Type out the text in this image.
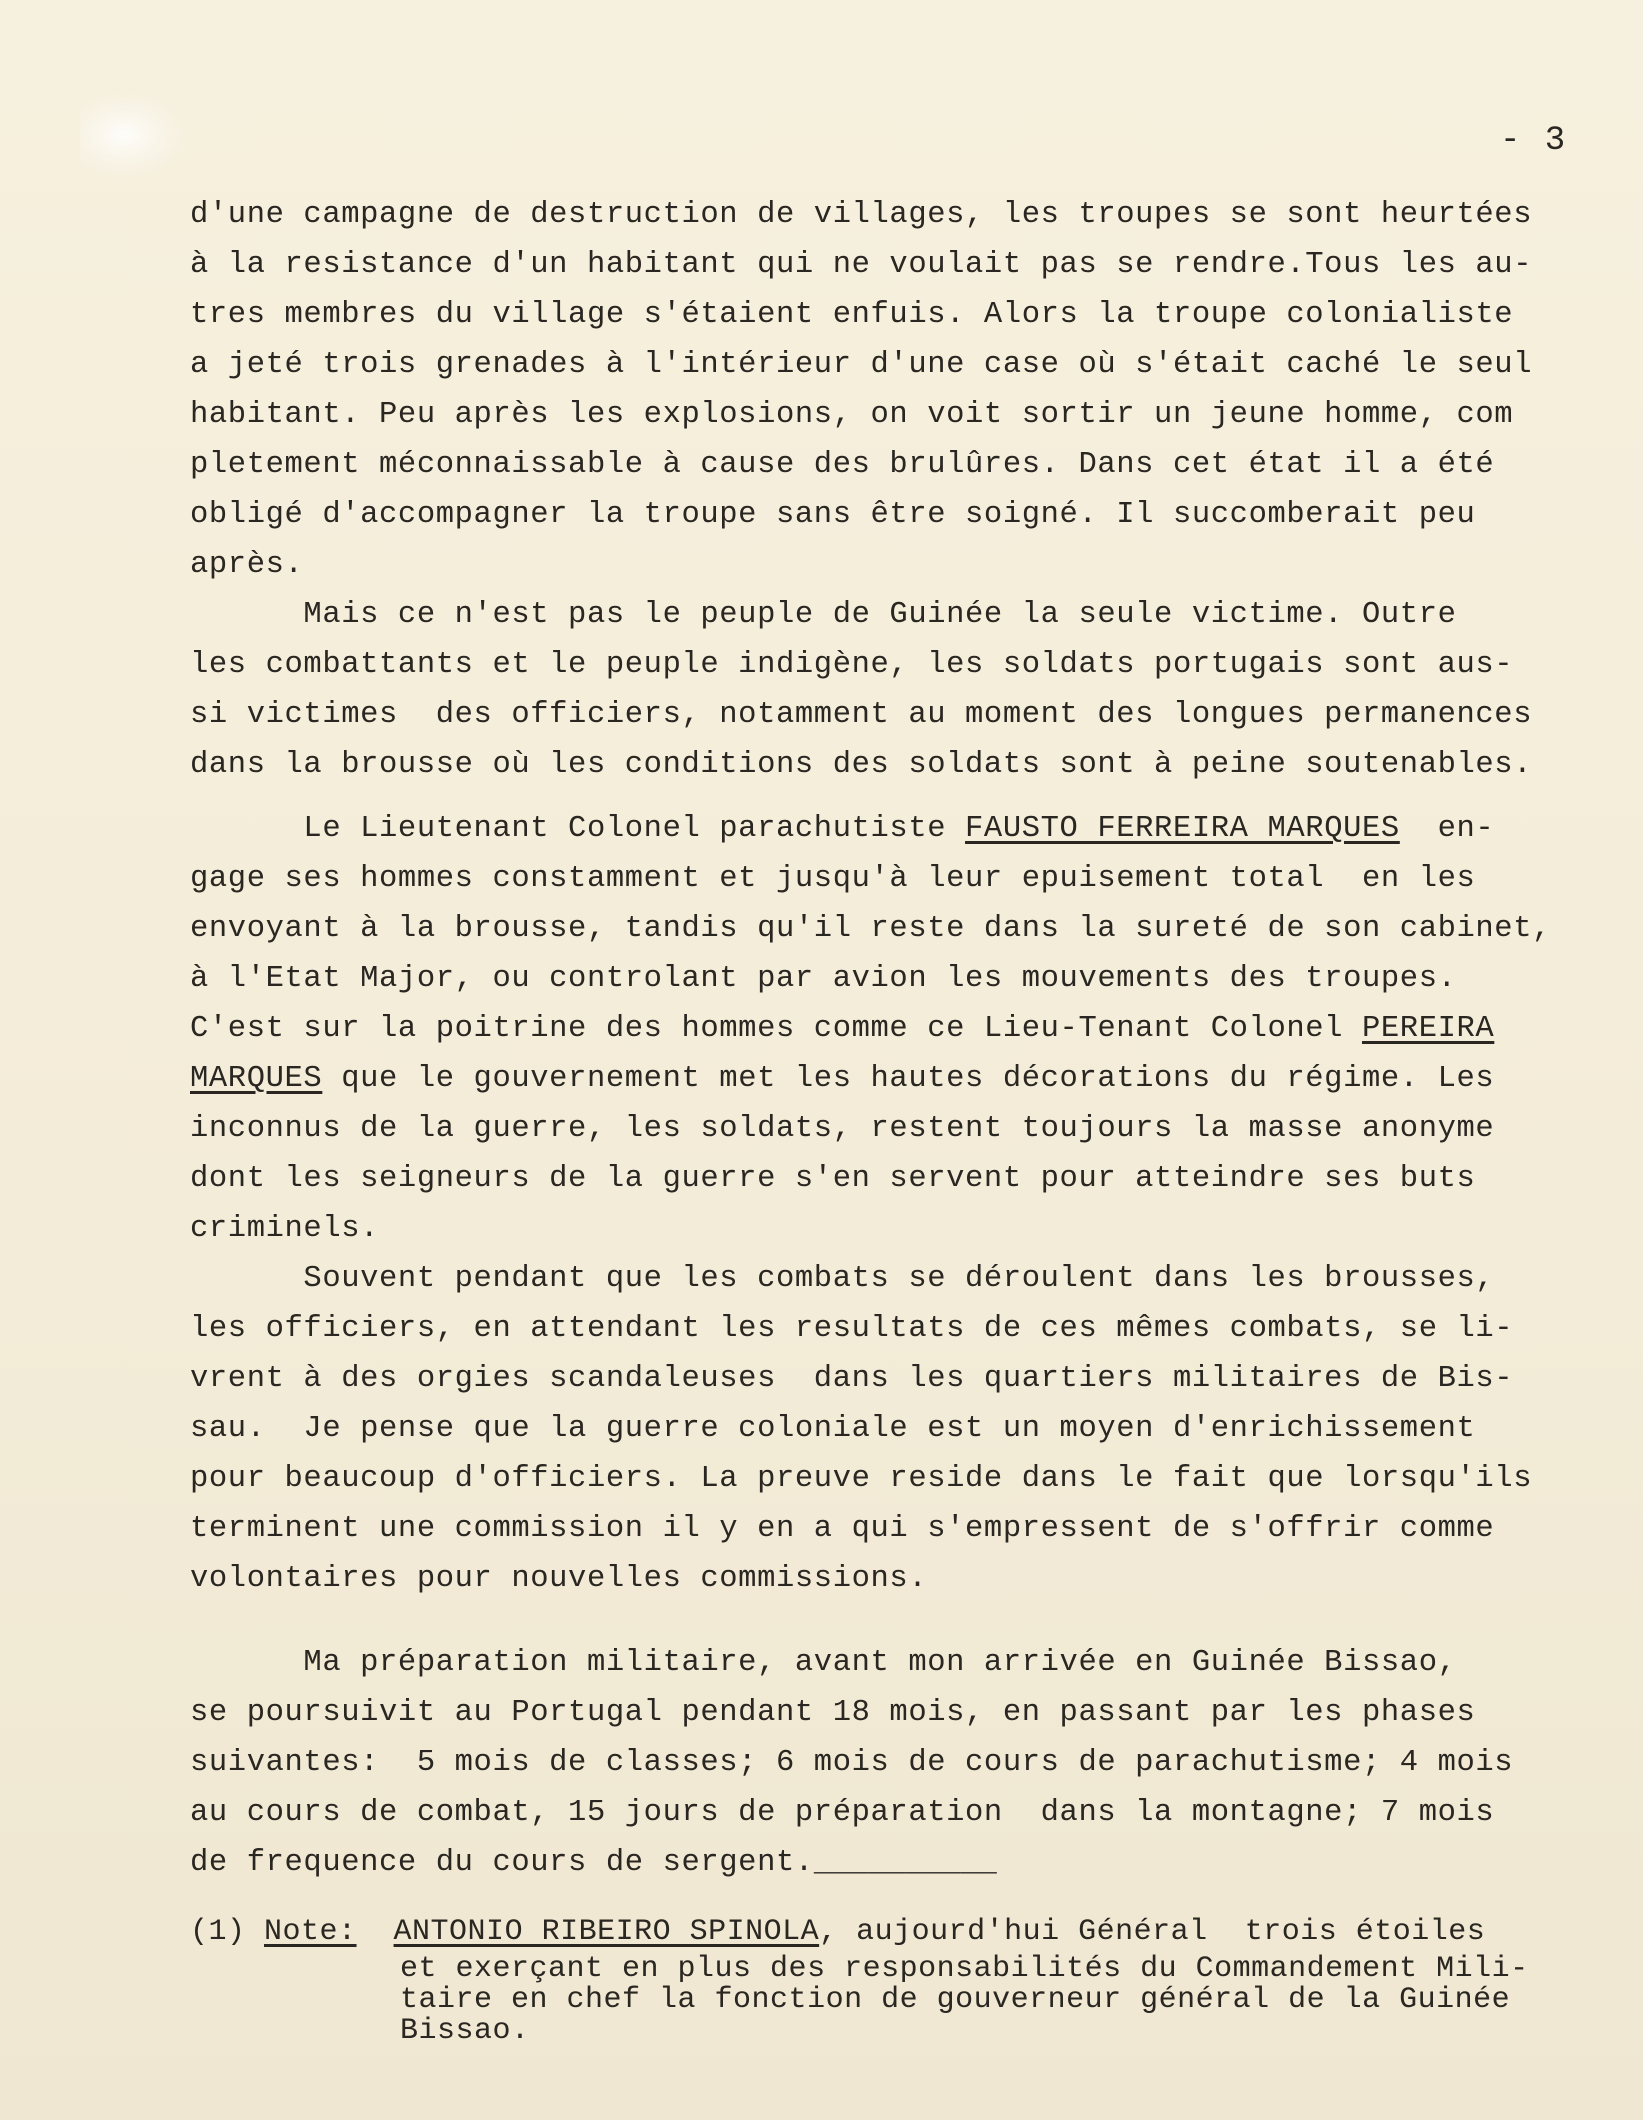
- 3
d'une campagne de destruction de villages, les troupes se sont heurtées
à la resistance d'un habitant qui ne voulait pas se rendre.Tous les au-
tres membres du village s'étaient enfuis. Alors la troupe colonialiste
a jeté trois grenades à l'intérieur d'une case où s'était caché le seul
habitant. Peu après les explosions, on voit sortir un jeune homme, com
pletement méconnaissable à cause des brulûres. Dans cet état il a été
obligé d'accompagner la troupe sans être soigné. Il succomberait peu
après.
Mais ce n'est pas le peuple de Guinée la seule victime. Outre
les combattants et le peuple indigène, les soldats portugais sont aus-
si victimes  des officiers, notamment au moment des longues permanences
dans la brousse où les conditions des soldats sont à peine soutenables.
Le Lieutenant Colonel parachutiste FAUSTO FERREIRA MARQUES  en-
gage ses hommes constamment et jusqu'à leur epuisement total  en les
envoyant à la brousse, tandis qu'il reste dans la sureté de son cabinet,
à l'Etat Major, ou controlant par avion les mouvements des troupes.
C'est sur la poitrine des hommes comme ce Lieu-Tenant Colonel PEREIRA
MARQUES que le gouvernement met les hautes décorations du régime. Les
inconnus de la guerre, les soldats, restent toujours la masse anonyme
dont les seigneurs de la guerre s'en servent pour atteindre ses buts
criminels.
Souvent pendant que les combats se déroulent dans les brousses,
les officiers, en attendant les resultats de ces mêmes combats, se li-
vrent à des orgies scandaleuses  dans les quartiers militaires de Bis-
sau.  Je pense que la guerre coloniale est un moyen d'enrichissement
pour beaucoup d'officiers. La preuve reside dans le fait que lorsqu'ils
terminent une commission il y en a qui s'empressent de s'offrir comme
volontaires pour nouvelles commissions.
Ma préparation militaire, avant mon arrivée en Guinée Bissao,
se poursuivit au Portugal pendant 18 mois, en passant par les phases
suivantes:  5 mois de classes; 6 mois de cours de parachutisme; 4 mois
au cours de combat, 15 jours de préparation  dans la montagne; 7 mois
de frequence du cours de sergent.__________
(1) Note: ANTONIO RIBEIRO SPINOLA, aujourd'hui Général  trois étoiles
et exerçant en plus des responsabilités du Commandement Mili-
taire en chef la fonction de gouverneur général de la Guinée
Bissao.
